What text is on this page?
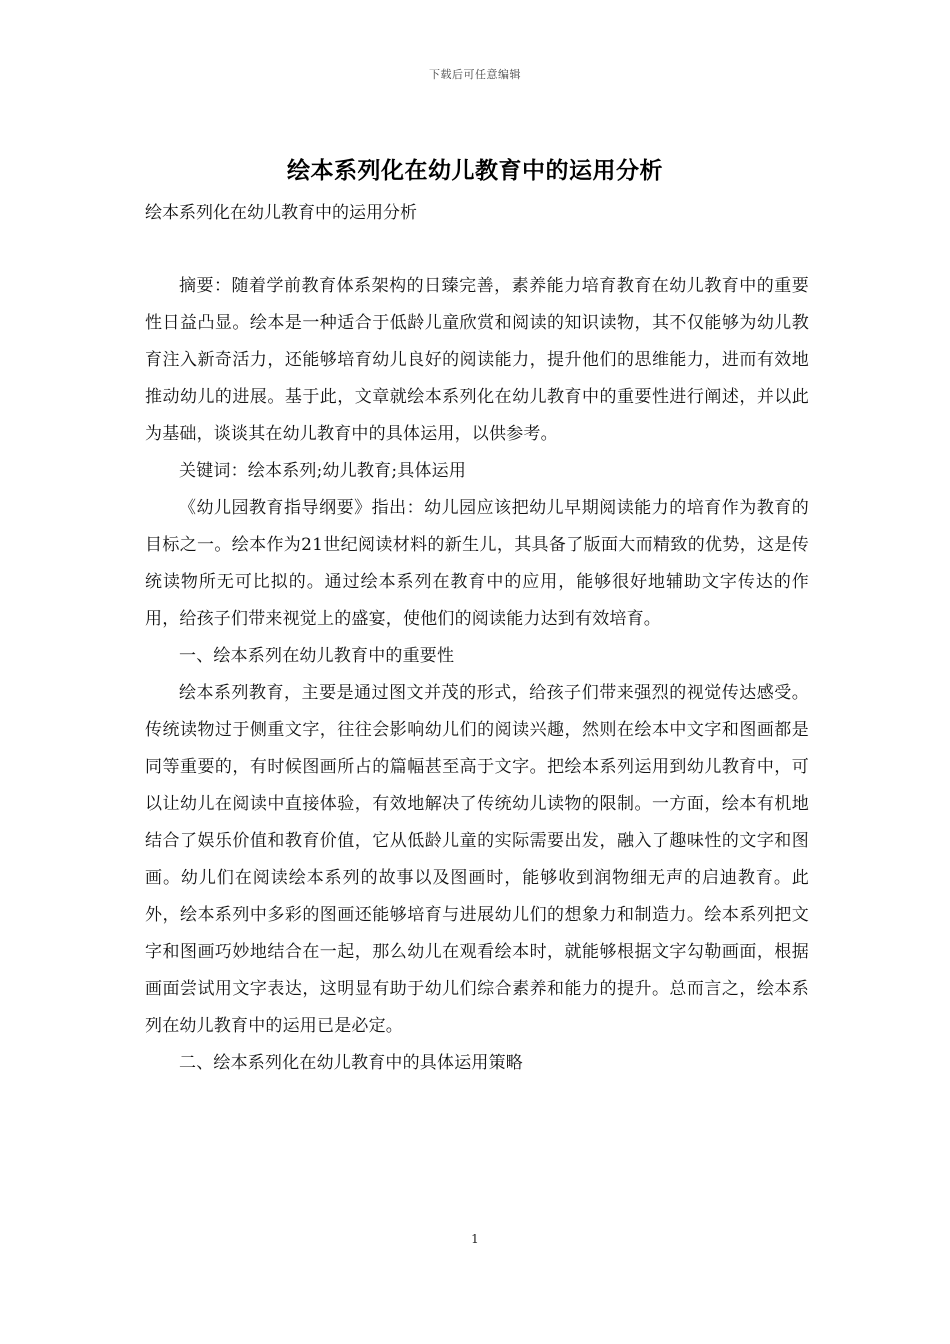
下载后可任意编辑
绘本系列化在幼儿教育中的运用分析
绘本系列化在幼儿教育中的运用分析

摘要：随着学前教育体系架构的日臻完善，素养能力培育教育在幼儿教育中的重要性日益凸显。绘本是一种适合于低龄儿童欣赏和阅读的知识读物，其不仅能够为幼儿教育注入新奇活力，还能够培育幼儿良好的阅读能力，提升他们的思维能力，进而有效地推动幼儿的进展。基于此，文章就绘本系列化在幼儿教育中的重要性进行阐述，并以此为基础，谈谈其在幼儿教育中的具体运用，以供参考。

关键词：绘本系列;幼儿教育;具体运用

《幼儿园教育指导纲要》指出：幼儿园应该把幼儿早期阅读能力的培育作为教育的目标之一。绘本作为21世纪阅读材料的新生儿，其具备了版面大而精致的优势，这是传统读物所无可比拟的。通过绘本系列在教育中的应用，能够很好地辅助文字传达的作用，给孩子们带来视觉上的盛宴，使他们的阅读能力达到有效培育。

一、绘本系列在幼儿教育中的重要性

绘本系列教育，主要是通过图文并茂的形式，给孩子们带来强烈的视觉传达感受。传统读物过于侧重文字，往往会影响幼儿们的阅读兴趣，然则在绘本中文字和图画都是同等重要的，有时候图画所占的篇幅甚至高于文字。把绘本系列运用到幼儿教育中，可以让幼儿在阅读中直接体验，有效地解决了传统幼儿读物的限制。一方面，绘本有机地结合了娱乐价值和教育价值，它从低龄儿童的实际需要出发，融入了趣味性的文字和图画。幼儿们在阅读绘本系列的故事以及图画时，能够收到润物细无声的启迪教育。此外，绘本系列中多彩的图画还能够培育与进展幼儿们的想象力和制造力。绘本系列把文字和图画巧妙地结合在一起，那么幼儿在观看绘本时，就能够根据文字勾勒画面，根据画面尝试用文字表达，这明显有助于幼儿们综合素养和能力的提升。总而言之，绘本系列在幼儿教育中的运用已是必定。

二、绘本系列化在幼儿教育中的具体运用策略

1
